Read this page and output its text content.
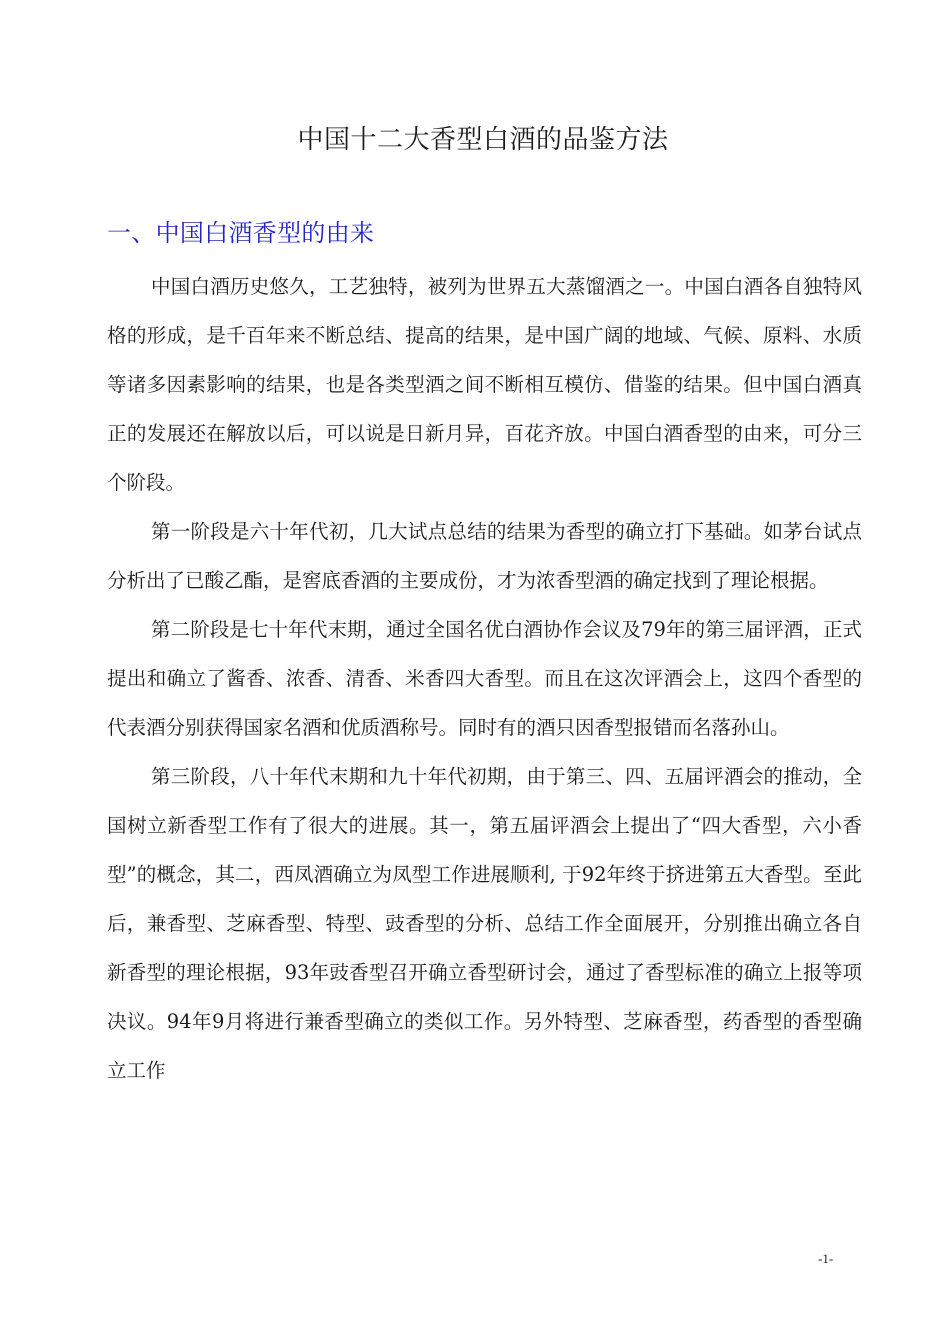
中国十二大香型白酒的品鉴方法
一、中国白酒香型的由来

中国白酒历史悠久，工艺独特，被列为世界五大蒸馏酒之一。中国白酒各自独特风格的形成，是千百年来不断总结、提高的结果，是中国广阔的地域、气候、原料、水质等诸多因素影响的结果，也是各类型酒之间不断相互模仿、借鉴的结果。但中国白酒真正的发展还在解放以后，可以说是日新月异，百花齐放。中国白酒香型的由来，可分三个阶段。

第一阶段是六十年代初，几大试点总结的结果为香型的确立打下基础。如茅台试点分析出了已酸乙酯，是窖底香酒的主要成份，才为浓香型酒的确定找到了理论根据。

第二阶段是七十年代末期，通过全国名优白酒协作会议及79年的第三届评酒，正式提出和确立了酱香、浓香、清香、米香四大香型。而且在这次评酒会上，这四个香型的代表酒分别获得国家名酒和优质酒称号。同时有的酒只因香型报错而名落孙山。

第三阶段，八十年代末期和九十年代初期，由于第三、四、五届评酒会的推动，全国树立新香型工作有了很大的进展。其一，第五届评酒会上提出了“四大香型，六小香型”的概念，其二，西凤酒确立为凤型工作进展顺利, 于92年终于挤进第五大香型。至此后，兼香型、芝麻香型、特型、豉香型的分析、总结工作全面展开，分别推出确立各自新香型的理论根据，93年豉香型召开确立香型研讨会，通过了香型标准的确立上报等项决议。94年9月将进行兼香型确立的类似工作。另外特型、芝麻香型，药香型的香型确立工作

-1-
